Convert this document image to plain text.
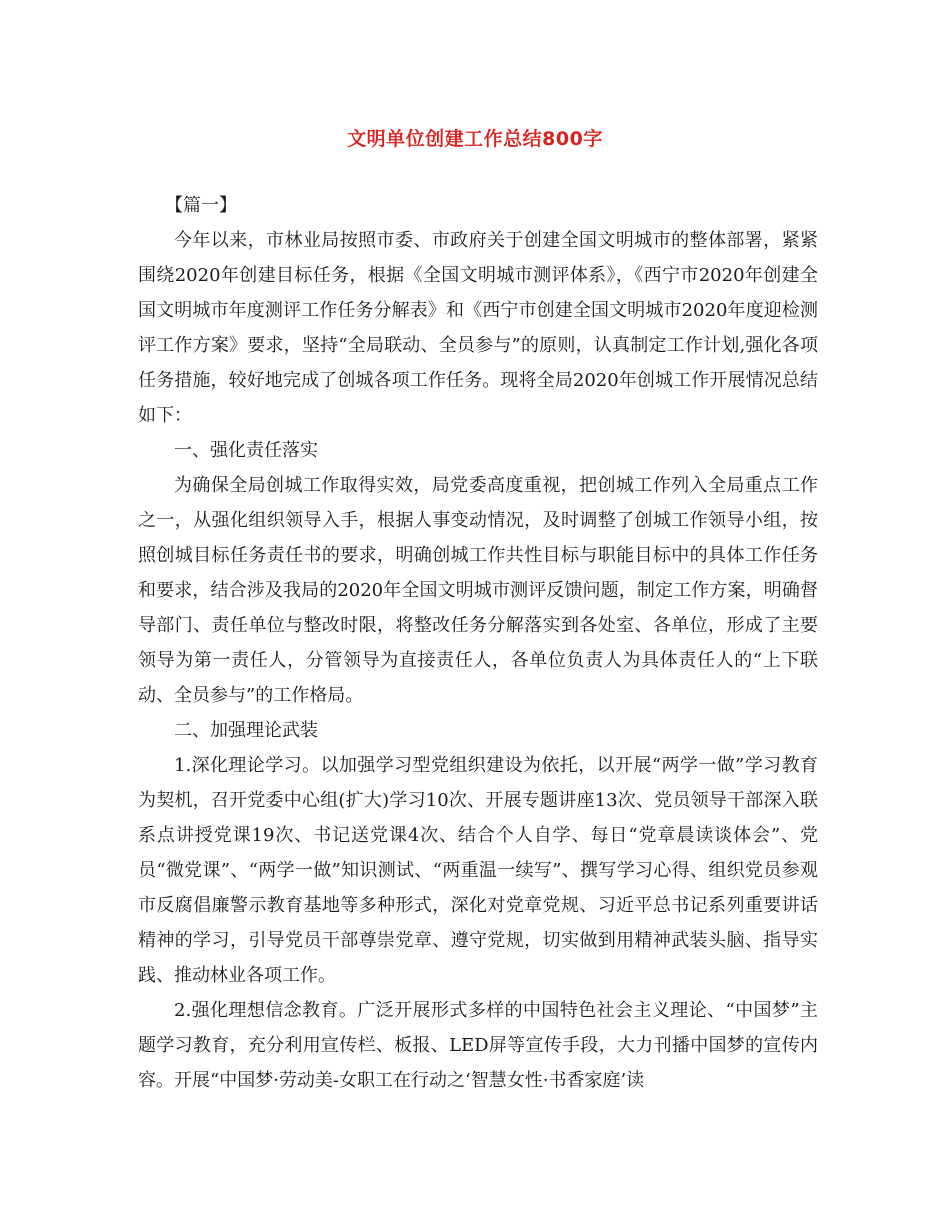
文明单位创建工作总结800字

【篇一】

今年以来，市林业局按照市委、市政府关于创建全国文明城市的整体部署，紧紧围绕2020年创建目标任务，根据《全国文明城市测评体系》，《西宁市2020年创建全国文明城市年度测评工作任务分解表》和《西宁市创建全国文明城市2020年度迎检测评工作方案》要求，坚持“全局联动、全员参与”的原则，认真制定工作计划,强化各项任务措施，较好地完成了创城各项工作任务。现将全局2020年创城工作开展情况总结如下：

一、强化责任落实

为确保全局创城工作取得实效，局党委高度重视，把创城工作列入全局重点工作之一，从强化组织领导入手，根据人事变动情况，及时调整了创城工作领导小组，按照创城目标任务责任书的要求，明确创城工作共性目标与职能目标中的具体工作任务和要求，结合涉及我局的2020年全国文明城市测评反馈问题，制定工作方案，明确督导部门、责任单位与整改时限，将整改任务分解落实到各处室、各单位，形成了主要领导为第一责任人，分管领导为直接责任人，各单位负责人为具体责任人的“上下联动、全员参与”的工作格局。

二、加强理论武装

1.深化理论学习。以加强学习型党组织建设为依托，以开展“两学一做”学习教育为契机，召开党委中心组(扩大)学习10次、开展专题讲座13次、党员领导干部深入联系点讲授党课19次、书记送党课4次、结合个人自学、每日“党章晨读谈体会”、党员“微党课”、“两学一做”知识测试、“两重温一续写”、撰写学习心得、组织党员参观市反腐倡廉警示教育基地等多种形式，深化对党章党规、习近平总书记系列重要讲话精神的学习，引导党员干部尊崇党章、遵守党规，切实做到用精神武装头脑、指导实践、推动林业各项工作。

2.强化理想信念教育。广泛开展形式多样的中国特色社会主义理论、“中国梦”主题学习教育，充分利用宣传栏、板报、LED屏等宣传手段，大力刊播中国梦的宣传内容。开展“中国梦·劳动美-女职工在行动之‘智慧女性·书香家庭’读
